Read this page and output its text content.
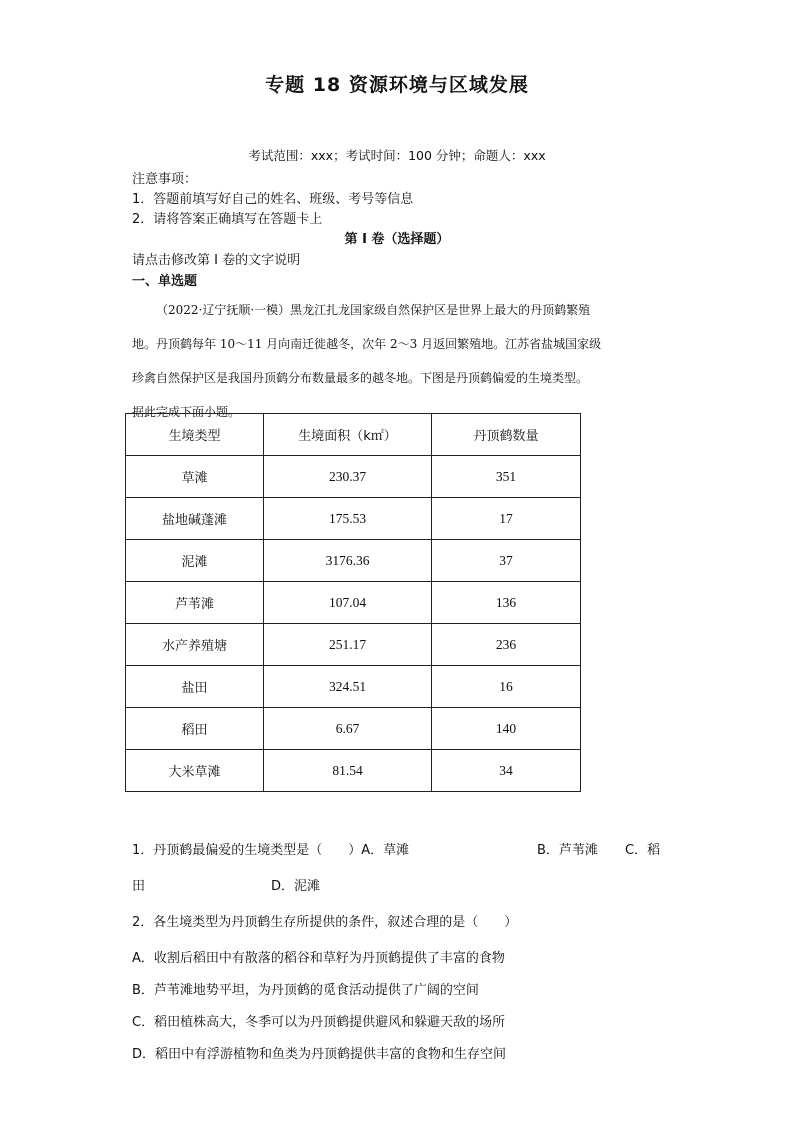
专题 18 资源环境与区域发展
考试范围：xxx；考试时间：100 分钟；命题人：xxx
注意事项：
1．答题前填写好自己的姓名、班级、考号等信息
2．请将答案正确填写在答题卡上
第 I 卷（选择题）
请点击修改第 I 卷的文字说明
一、单选题

（2022·辽宁抚顺·一模）黑龙江扎龙国家级自然保护区是世界上最大的丹顶鹤繁殖

地。丹顶鹤每年 10～11 月向南迁徙越冬，次年 2～3 月返回繁殖地。江苏省盐城国家级

珍禽自然保护区是我国丹顶鹤分布数量最多的越冬地。下图是丹顶鹤偏爱的生境类型。

据此完成下面小题。

生境类型	生境面积（k㎡）	丹顶鹤数量
草滩	230.37	351
盐地碱蓬滩	175.53	17
泥滩	3176.36	37
芦苇滩	107.04	136
水产养殖塘	251.17	236
盐田	324.51	16
稻田	6.67	140
大米草滩	81.54	34
1．丹顶鹤最偏爱的生境类型是（　　）A．草滩	B．芦苇滩 C．稻
田	D．泥滩
2．各生境类型为丹顶鹤生存所提供的条件，叙述合理的是（　　）
A．收割后稻田中有散落的稻谷和草籽为丹顶鹤提供了丰富的食物
B．芦苇滩地势平坦，为丹顶鹤的觅食活动提供了广阔的空间
C．稻田植株高大，冬季可以为丹顶鹤提供避风和躲避天敌的场所
D．稻田中有浮游植物和鱼类为丹顶鹤提供丰富的食物和生存空间
